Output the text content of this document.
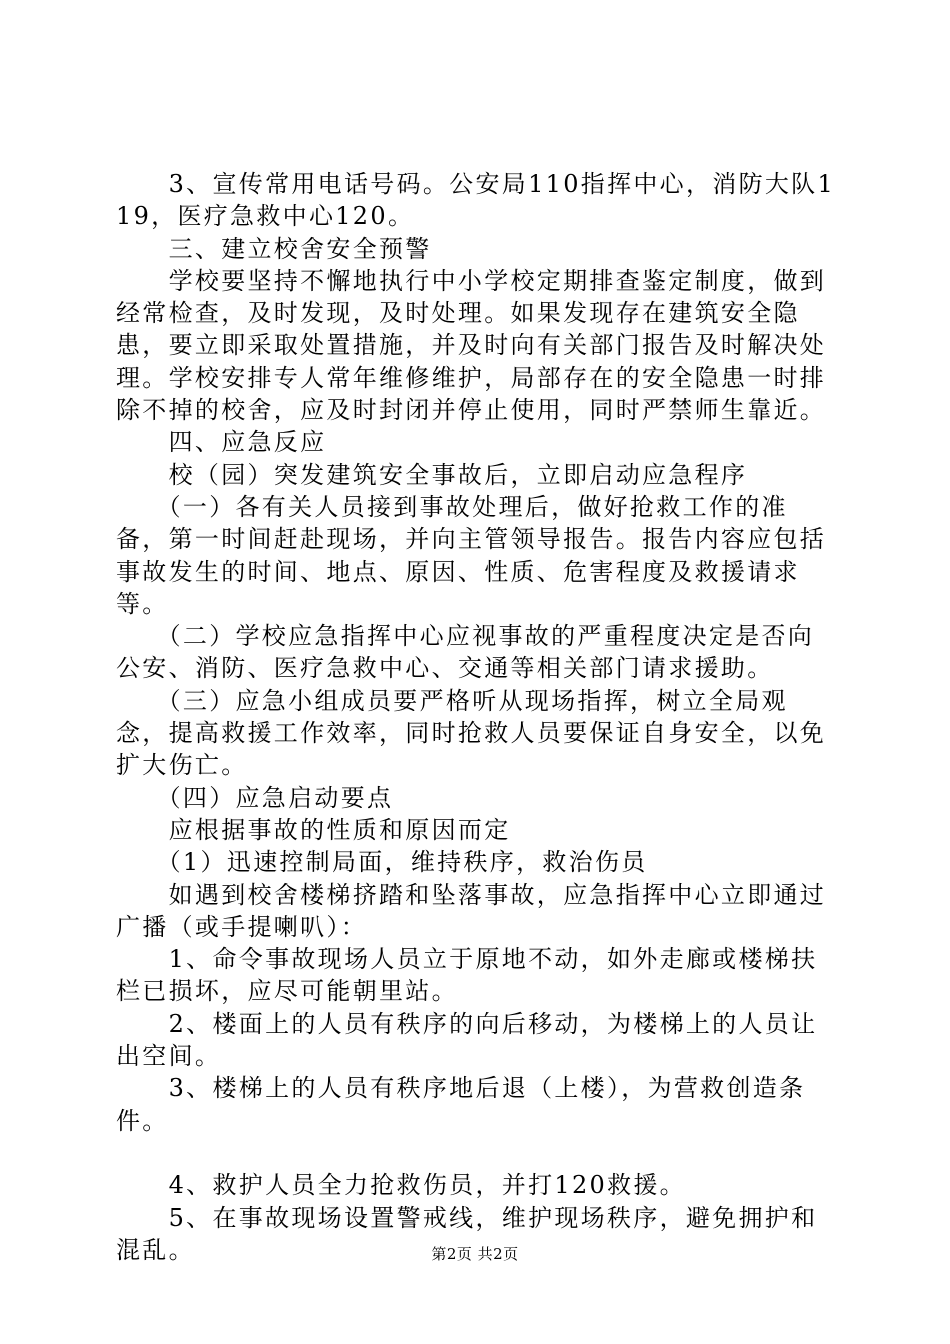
　　3、宣传常用电话号码。公安局110指挥中心，消防大队119，医疗急救中心120。

　　三、建立校舍安全预警

　　学校要坚持不懈地执行中小学校定期排查鉴定制度，做到经常检查，及时发现，及时处理。如果发现存在建筑安全隐患，要立即采取处置措施，并及时向有关部门报告及时解决处理。学校安排专人常年维修维护，局部存在的安全隐患一时排除不掉的校舍，应及时封闭并停止使用，同时严禁师生靠近。

　　四、应急反应

　　校（园）突发建筑安全事故后，立即启动应急程序

　　（一）各有关人员接到事故处理后，做好抢救工作的准备，第一时间赶赴现场，并向主管领导报告。报告内容应包括事故发生的时间、地点、原因、性质、危害程度及救援请求等。

　　（二）学校应急指挥中心应视事故的严重程度决定是否向公安、消防、医疗急救中心、交通等相关部门请求援助。

　　（三）应急小组成员要严格听从现场指挥，树立全局观念，提高救援工作效率，同时抢救人员要保证自身安全，以免扩大伤亡。

　　（四）应急启动要点

　　应根据事故的性质和原因而定

　　（1）迅速控制局面，维持秩序，救治伤员

　　如遇到校舍楼梯挤踏和坠落事故，应急指挥中心立即通过广播（或手提喇叭）：

　　1、命令事故现场人员立于原地不动，如外走廊或楼梯扶栏已损坏，应尽可能朝里站。

　　2、楼面上的人员有秩序的向后移动，为楼梯上的人员让出空间。

　　3、楼梯上的人员有秩序地后退（上楼），为营救创造条件。

　　4、救护人员全力抢救伤员，并打120救援。

　　5、在事故现场设置警戒线，维护现场秩序，避免拥护和混乱。	第2页 共2页
